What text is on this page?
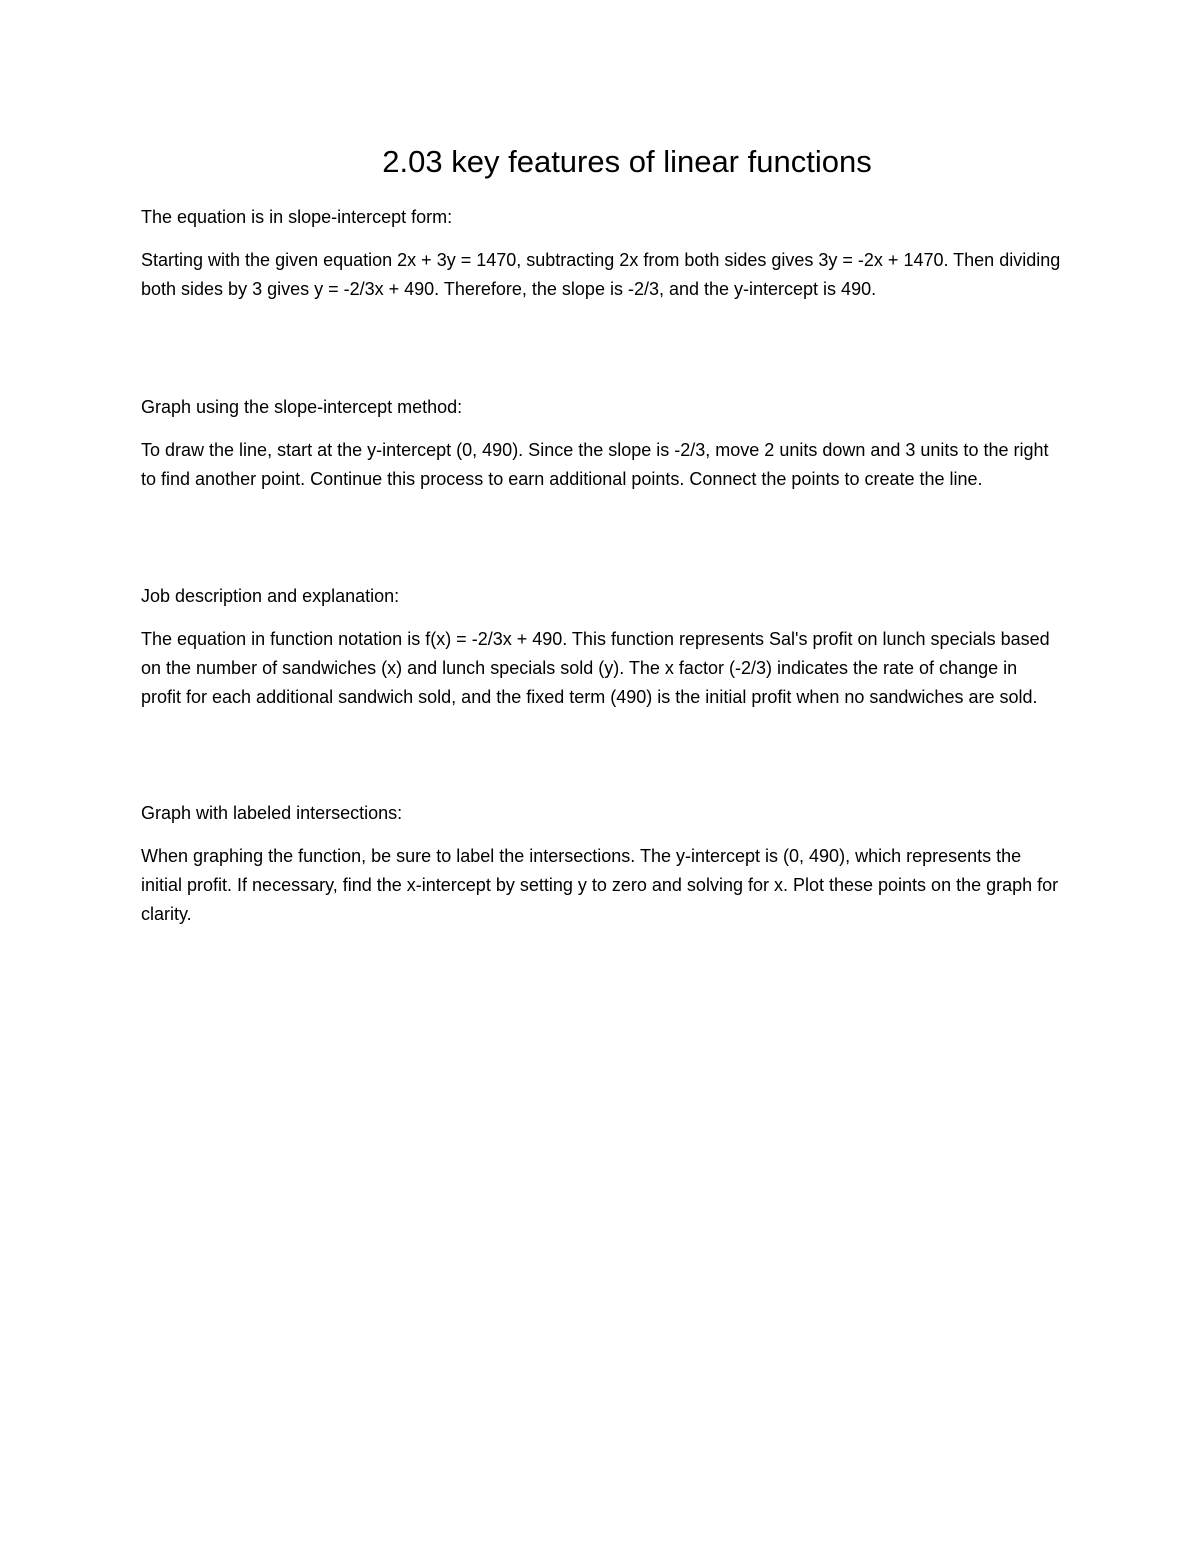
2.03 key features of linear functions

The equation is in slope-intercept form:

Starting with the given equation 2x + 3y = 1470, subtracting 2x from both sides gives 3y = -2x + 1470. Then dividing both sides by 3 gives y = -2/3x + 490. Therefore, the slope is -2/3, and the y-intercept is 490.

Graph using the slope-intercept method:

To draw the line, start at the y-intercept (0, 490). Since the slope is -2/3, move 2 units down and 3 units to the right to find another point. Continue this process to earn additional points. Connect the points to create the line.

Job description and explanation:

The equation in function notation is f(x) = -2/3x + 490. This function represents Sal's profit on lunch specials based on the number of sandwiches (x) and lunch specials sold (y). The x factor (-2/3) indicates the rate of change in profit for each additional sandwich sold, and the fixed term (490) is the initial profit when no sandwiches are sold.

Graph with labeled intersections:

When graphing the function, be sure to label the intersections. The y-intercept is (0, 490), which represents the initial profit. If necessary, find the x-intercept by setting y to zero and solving for x. Plot these points on the graph for clarity.
